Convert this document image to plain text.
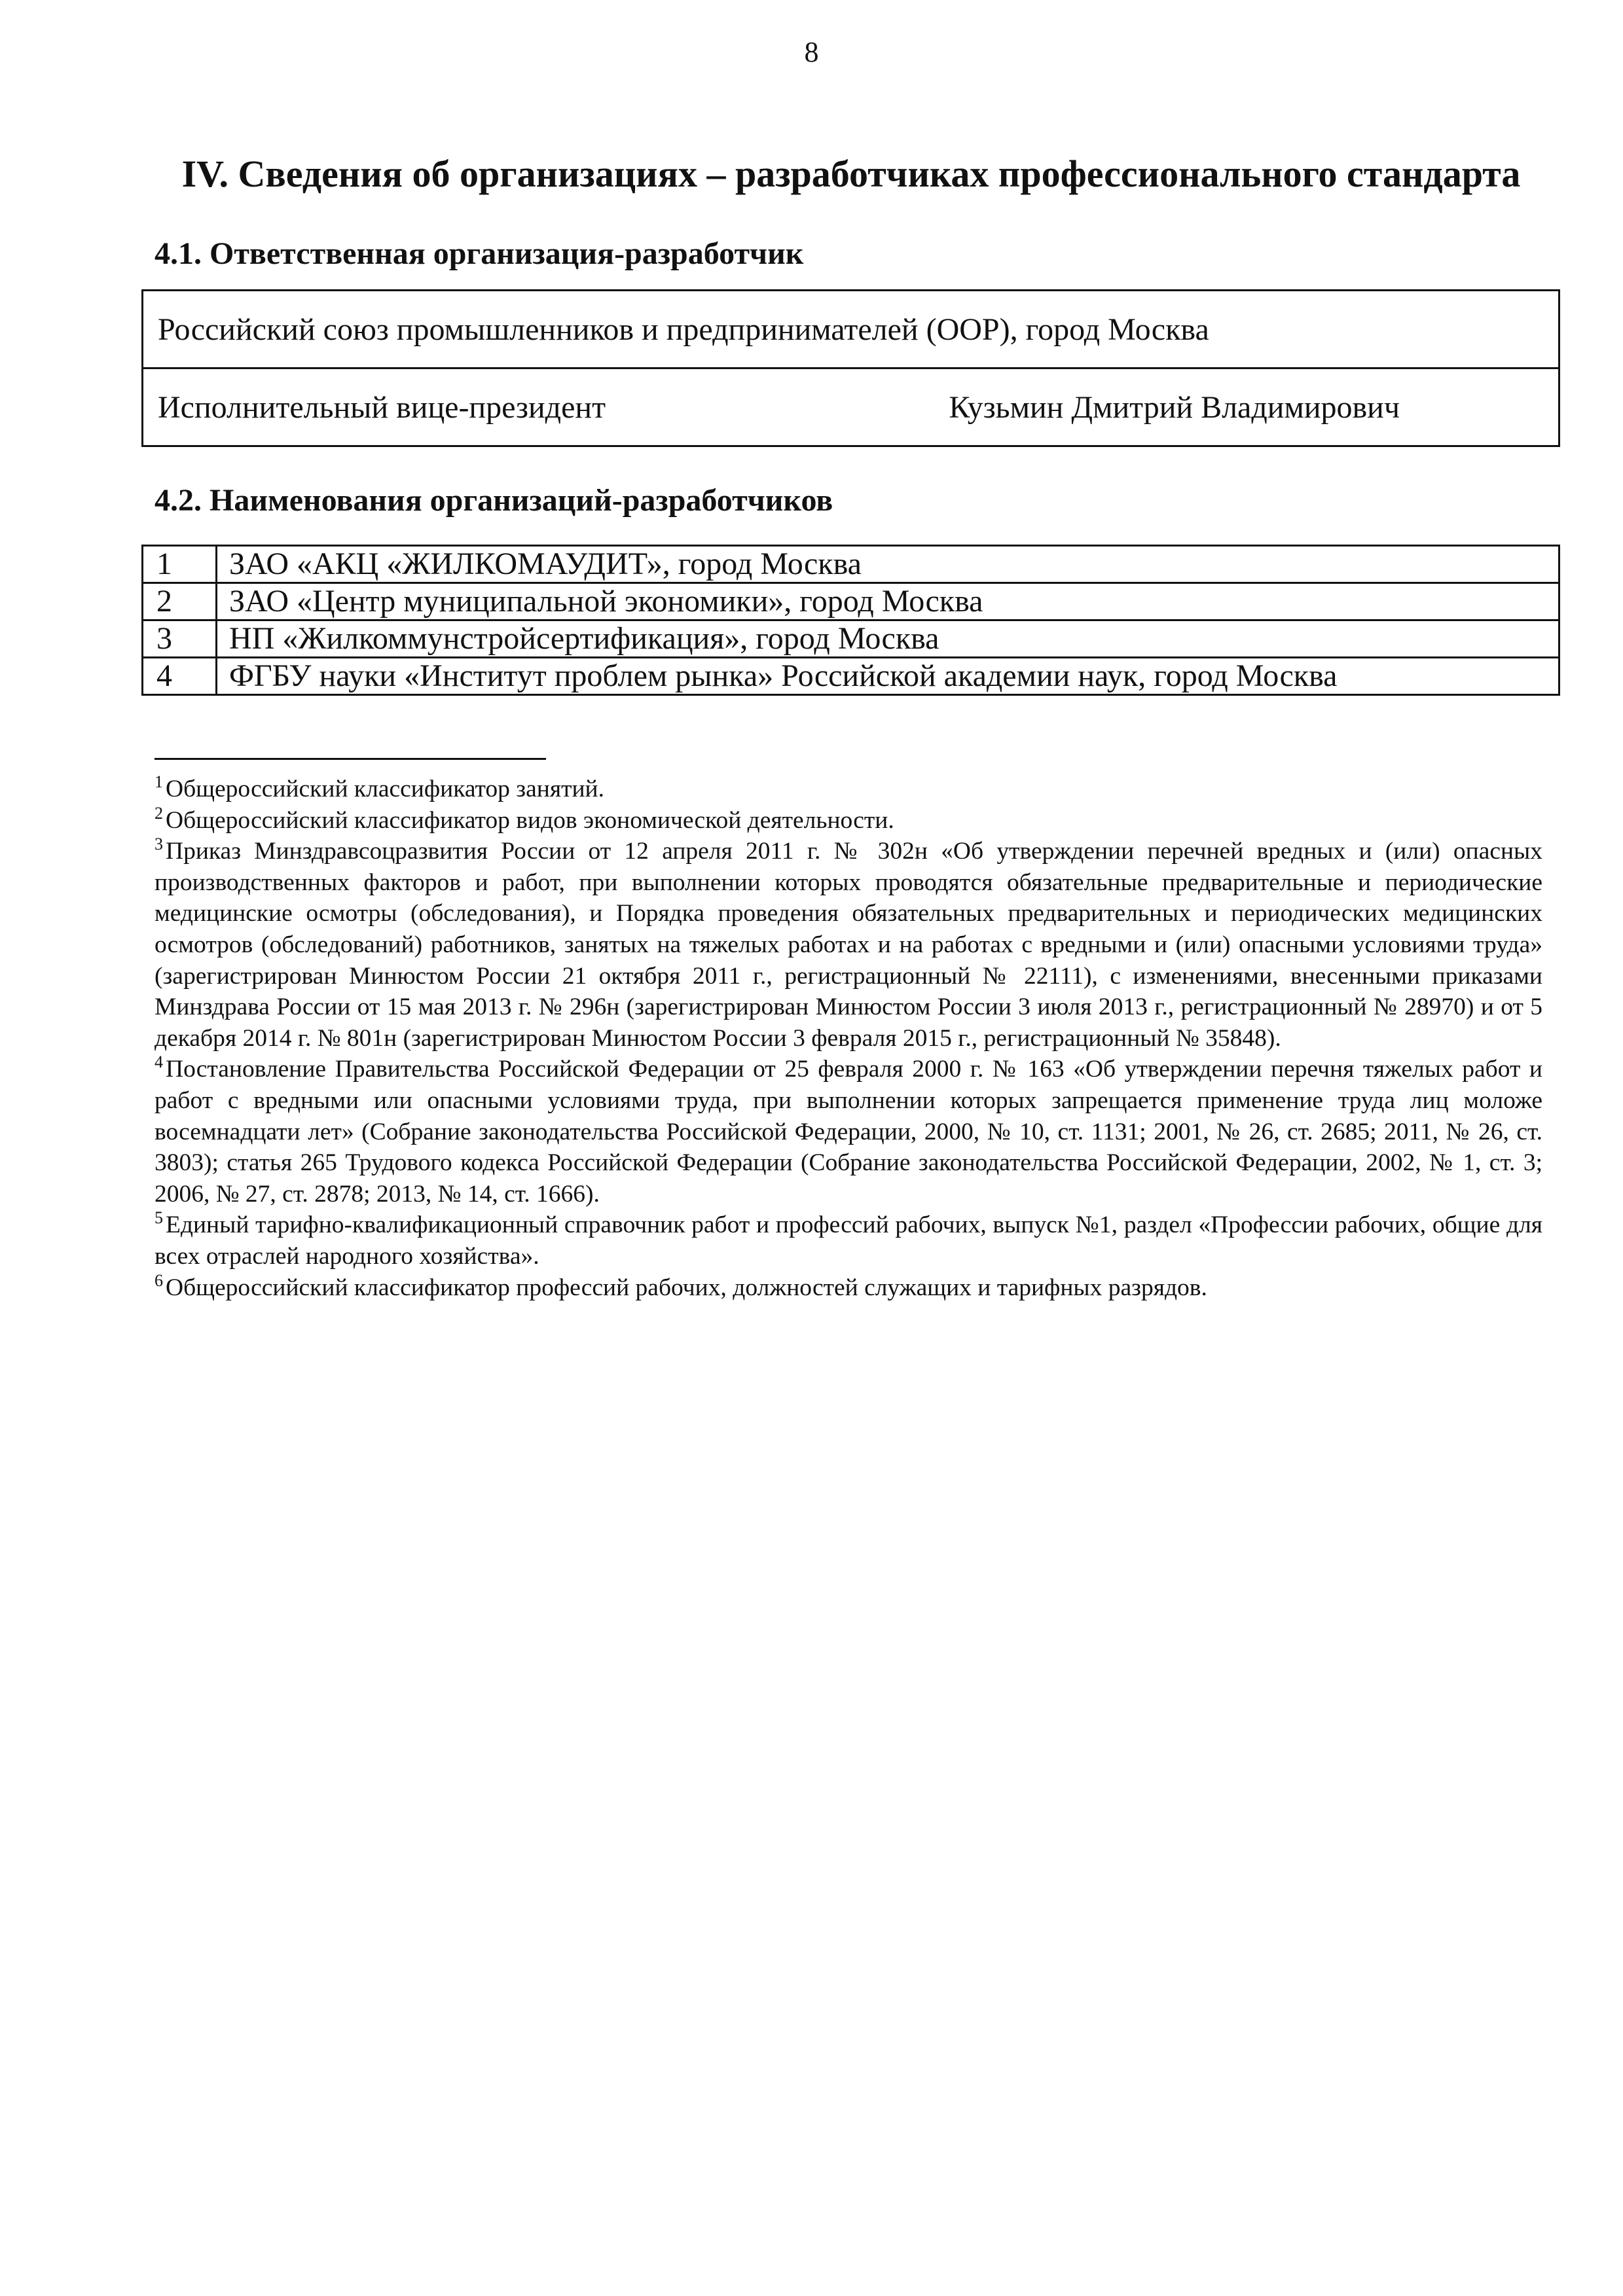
8
IV. Сведения об организациях – разработчиках профессионального стандарта
4.1. Ответственная организация-разработчик
Российский союз промышленников и предпринимателей (ООР), город Москва

Исполнительный вице-президент	Кузьмин Дмитрий Владимирович
4.2. Наименования организаций-разработчиков
1	ЗАО «АКЦ «ЖИЛКОМАУДИТ», город Москва
2	ЗАО «Центр муниципальной экономики», город Москва
3	НП «Жилкоммунстройсертификация», город Москва
4	ФГБУ науки «Институт проблем рынка» Российской академии наук, город Москва

$^1$ Общероссийский классификатор занятий.

$^2$ Общероссийский классификатор видов экономической деятельности.

$^3$ Приказ Минздравсоцразвития России от 12 апреля 2011 г. № 302н «Об утверждении перечней вредных и (или) опасных производственных факторов и работ, при выполнении которых проводятся обязательные предварительные и периодические медицинские осмотры (обследования), и Порядка проведения обязательных предварительных и периодических медицинских осмотров (обследований) работников, занятых на тяжелых работах и на работах с вредными и (или) опасными условиями труда» (зарегистрирован Минюстом России 21 октября 2011 г., регистрационный № 22111), с изменениями, внесенными приказами Минздрава России от 15 мая 2013 г. № 296н (зарегистрирован Минюстом России 3 июля 2013 г., регистрационный № 28970) и от 5 декабря 2014 г. № 801н (зарегистрирован Минюстом России 3 февраля 2015 г., регистрационный № 35848).

$^4$ Постановление Правительства Российской Федерации от 25 февраля 2000 г. № 163 «Об утверждении перечня тяжелых работ и работ с вредными или опасными условиями труда, при выполнении которых запрещается применение труда лиц моложе восемнадцати лет» (Собрание законодательства Российской Федерации, 2000, № 10, ст. 1131; 2001, № 26, ст. 2685; 2011, № 26, ст. 3803); статья 265 Трудового кодекса Российской Федерации (Собрание законодательства Российской Федерации, 2002, № 1, ст. 3; 2006, № 27, ст. 2878; 2013, № 14, ст. 1666).

$^5$ Единый тарифно-квалификационный справочник работ и профессий рабочих, выпуск №1, раздел «Профессии рабочих, общие для всех отраслей народного хозяйства».

$^6$ Общероссийский классификатор профессий рабочих, должностей служащих и тарифных разрядов.
